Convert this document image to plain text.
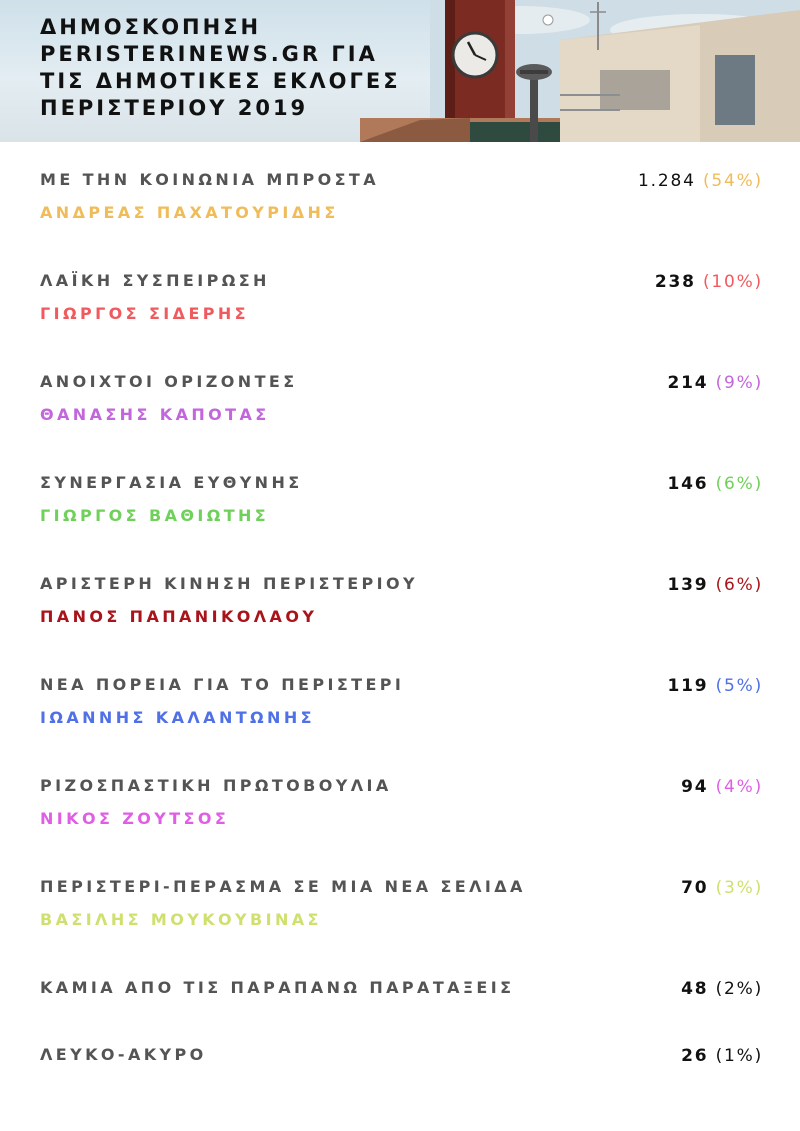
ΔΗΜΟΣΚΟΠΗΣΗ
PERISTERINEWS.GR ΓΙΑ
ΤΙΣ ΔΗΜΟΤΙΚΕΣ ΕΚΛΟΓΕΣ
ΠΕΡΙΣΤΕΡΙΟΥ 2019
ΜΕ ΤΗΝ ΚΟΙΝΩΝΙΑ ΜΠΡΟΣΤΑ
ΑΝΔΡΕΑΣ ΠΑΧΑΤΟΥΡΙΔΗΣ
1.284 (54%)
ΛΑΪΚΗ ΣΥΣΠΕΙΡΩΣΗ
ΓΙΩΡΓΟΣ ΣΙΔΕΡΗΣ
238 (10%)
ΑΝΟΙΧΤΟΙ ΟΡΙΖΟΝΤΕΣ
ΘΑΝΑΣΗΣ ΚΑΠΟΤΑΣ
214 (9%)
ΣΥΝΕΡΓΑΣΙΑ ΕΥΘΥΝΗΣ
ΓΙΩΡΓΟΣ ΒΑΘΙΩΤΗΣ
146 (6%)
ΑΡΙΣΤΕΡΗ ΚΙΝΗΣΗ ΠΕΡΙΣΤΕΡΙΟΥ
ΠΑΝΟΣ ΠΑΠΑΝΙΚΟΛΑΟΥ
139 (6%)
ΝΕΑ ΠΟΡΕΙΑ ΓΙΑ ΤΟ ΠΕΡΙΣΤΕΡΙ
ΙΩΑΝΝΗΣ ΚΑΛΑΝΤΩΝΗΣ
119 (5%)
ΡΙΖΟΣΠΑΣΤΙΚΗ ΠΡΩΤΟΒΟΥΛΙΑ
ΝΙΚΟΣ ΖΟΥΤΣΟΣ
94 (4%)
ΠΕΡΙΣΤΕΡΙ-ΠΕΡΑΣΜΑ ΣΕ ΜΙΑ ΝΕΑ ΣΕΛΙΔΑ
ΒΑΣΙΛΗΣ ΜΟΥΚΟΥΒΙΝΑΣ
70 (3%)
ΚΑΜΙΑ ΑΠΟ ΤΙΣ ΠΑΡΑΠΑΝΩ ΠΑΡΑΤΑΞΕΙΣ	48 (2%)
ΛΕΥΚΟ-ΑΚΥΡΟ	26 (1%)
